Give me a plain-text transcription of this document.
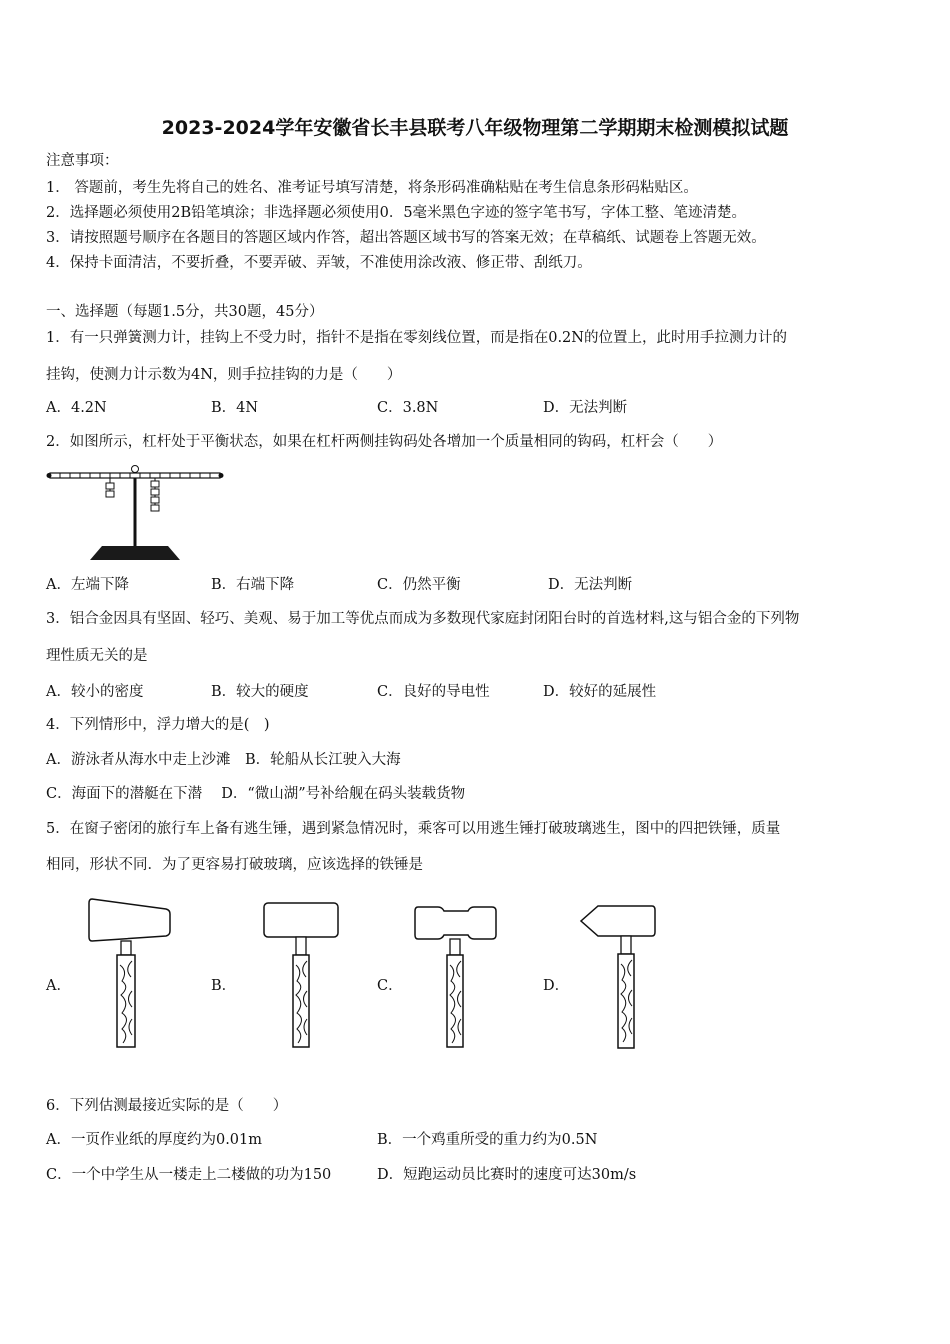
2023-2024学年安徽省长丰县联考八年级物理第二学期期末检测模拟试题
注意事项：
1． 答题前，考生先将自己的姓名、准考证号填写清楚，将条形码准确粘贴在考生信息条形码粘贴区。
2．选择题必须使用2B铅笔填涂；非选择题必须使用0．5毫米黑色字迹的签字笔书写，字体工整、笔迹清楚。
3．请按照题号顺序在各题目的答题区域内作答，超出答题区域书写的答案无效；在草稿纸、试题卷上答题无效。
4．保持卡面清洁，不要折叠，不要弄破、弄皱，不准使用涂改液、修正带、刮纸刀。
一、选择题（每题1.5分，共30题，45分）
1．有一只弹簧测力计，挂钩上不受力时，指针不是指在零刻线位置，而是指在0.2N的位置上，此时用手拉测力计的
挂钩，使测力计示数为4N，则手拉挂钩的力是（　　）
A．4.2N	B．4N	C．3.8N	D．无法判断
2．如图所示，杠杆处于平衡状态，如果在杠杆两侧挂钩码处各增加一个质量相同的钩码，杠杆会（　　）
A．左端下降	B．右端下降	C．仍然平衡	D．无法判断
3．铝合金因具有坚固、轻巧、美观、易于加工等优点而成为多数现代家庭封闭阳台时的首选材料,这与铝合金的下列物
理性质无关的是
A．较小的密度	B．较大的硬度	C．良好的导电性	D．较好的延展性
4．下列情形中，浮力增大的是(　)
A．游泳者从海水中走上沙滩　B．轮船从长江驶入大海
C．海面下的潜艇在下潜　 D．“微山湖”号补给舰在码头装载货物
5．在窗子密闭的旅行车上备有逃生锤，遇到紧急情况时，乘客可以用逃生锤打破玻璃逃生，图中的四把铁锤，质量
相同，形状不同．为了更容易打破玻璃，应该选择的铁锤是
A．	B．	C．	D．
6．下列估测最接近实际的是（　　）
A．一页作业纸的厚度约为0.01m	B．一个鸡重所受的重力约为0.5N
C．一个中学生从一楼走上二楼做的功为150	D．短跑运动员比赛时的速度可达30m/s
